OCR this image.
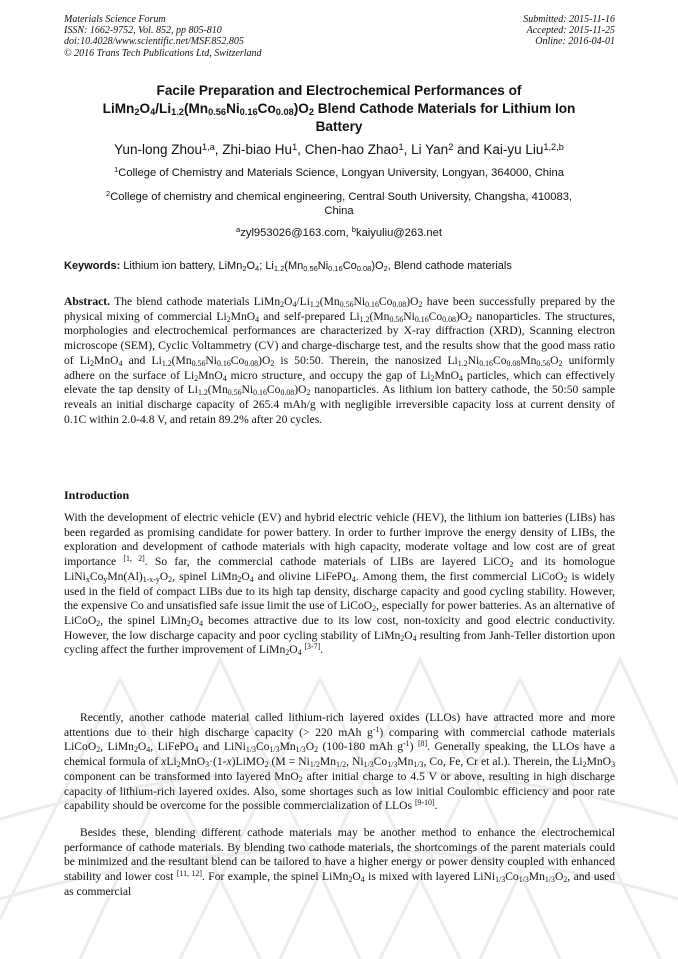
Materials Science Forum
ISSN: 1662-9752, Vol. 852, pp 805-810
doi:10.4028/www.scientific.net/MSF.852.805
© 2016 Trans Tech Publications Ltd, Switzerland
Submitted: 2015-11-16
Accepted: 2015-11-25
Online: 2016-04-01
Facile Preparation and Electrochemical Performances of
$LiMn_2O_4/Li_{1.2}(Mn_{0.56}Ni_{0.16}Co_{0.08})O_2$ Blend Cathode Materials for Lithium Ion
Battery
Yun-long Zhou$^{1,a}$, Zhi-biao Hu$^1$, Chen-hao Zhao$^1$, Li Yan$^2$ and Kai-yu Liu$^{1,2,b}$
$^1$College of Chemistry and Materials Science, Longyan University, Longyan, 364000, China
$^2$College of chemistry and chemical engineering, Central South University, Changsha, 410083,
China
$^a$zyl953026@163.com, $^b$kaiyuliu@263.net
Keywords: Lithium ion battery, $LiMn_2O_4$; $Li_{1.2}(Mn_{0.56}Ni_{0.16}Co_{0.08})O_2$, Blend cathode materials
Abstract. The blend cathode materials $LiMn_2O_4/Li_{1.2}(Mn_{0.56}Ni_{0.16}Co_{0.08})O_2$ have been successfully prepared by the physical mixing of commercial $Li_2MnO_4$ and self-prepared $Li_{1.2}(Mn_{0.56}Ni_{0.16}Co_{0.08})O_2$ nanoparticles. The structures, morphologies and electrochemical performances are characterized by X-ray diffraction (XRD), Scanning electron microscope (SEM), Cyclic Voltammetry (CV) and charge-discharge test, and the results show that the good mass ratio of $Li_2MnO_4$ and $Li_{1.2}(Mn_{0.56}Ni_{0.16}Co_{0.08})O_2$ is 50:50. Therein, the nanosized $Li_{1.2}Ni_{0.16}Co_{0.08}Mn_{0.56}O_2$ uniformly adhere on the surface of $Li_2MnO_4$ micro structure, and occupy the gap of $Li_2MnO_4$ particles, which can effectively elevate the tap density of $Li_{1.2}(Mn_{0.56}Ni_{0.16}Co_{0.08})O_2$ nanoparticles. As lithium ion battery cathode, the 50:50 sample reveals an initial discharge capacity of 265.4 mAh/g with negligible irreversible capacity loss at current density of 0.1C within 2.0-4.8 V, and retain 89.2% after 20 cycles.
Introduction
With the development of electric vehicle (EV) and hybrid electric vehicle (HEV), the lithium ion batteries (LIBs) has been regarded as promising candidate for power battery. In order to further improve the energy density of LIBs, the exploration and development of cathode materials with high capacity, moderate voltage and low cost are of great importance [1, 2]. So far, the commercial cathode materials of LIBs are layered LiCO$_2$ and its homologue $LiNi_xCo_yMn(Al)_{1-x-y}O_2$, spinel $LiMn_2O_4$ and olivine LiFePO$_4$. Among them, the first commercial LiCoO$_2$ is widely used in the field of compact LIBs due to its high tap density, discharge capacity and good cycling stability. However, the expensive Co and unsatisfied safe issue limit the use of LiCoO$_2$, especially for power batteries. As an alternative of LiCoO$_2$, the spinel $LiMn_2O_4$ becomes attractive due to its low cost, non-toxicity and good electric conductivity. However, the low discharge capacity and poor cycling stability of $LiMn_2O_4$ resulting from Janh-Teller distortion upon cycling affect the further improvement of $LiMn_2O_4$ [3-7].
Recently, another cathode material called lithium-rich layered oxides (LLOs) have attracted more and more attentions due to their high discharge capacity (> 220 mAh $g^{-1}$) comparing with commercial cathode materials LiCoO$_2$, $LiMn_2O_4$, LiFePO$_4$ and $LiNi_{1/3}Co_{1/3}Mn_{1/3}O_2$ (100-180 mAh $g^{-1}$) [8]. Generally speaking, the LLOs have a chemical formula of xLi$_2$MnO$_3$·(1-x)LiMO$_2$ ($M = Ni_{1/2}Mn_{1/2}$, $Ni_{1/3}Co_{1/3}Mn_{1/3}$, Co, Fe, Cr et al.). Therein, the $Li_2MnO_3$ component can be transformed into layered MnO$_2$ after initial charge to 4.5 V or above, resulting in high discharge capacity of lithium-rich layered oxides. Also, some shortages such as low initial Coulombic efficiency and poor rate capability should be overcome for the possible commercialization of LLOs [9-10].
Besides these, blending different cathode materials may be another method to enhance the electrochemical performance of cathode materials. By blending two cathode materials, the shortcomings of the parent materials could be minimized and the resultant blend can be tailored to have a higher energy or power density coupled with enhanced stability and lower cost [11, 12]. For example, the spinel $LiMn_2O_4$ is mixed with layered $LiNi_{1/3}Co_{1/3}Mn_{1/3}O_2$, and used as commercial
